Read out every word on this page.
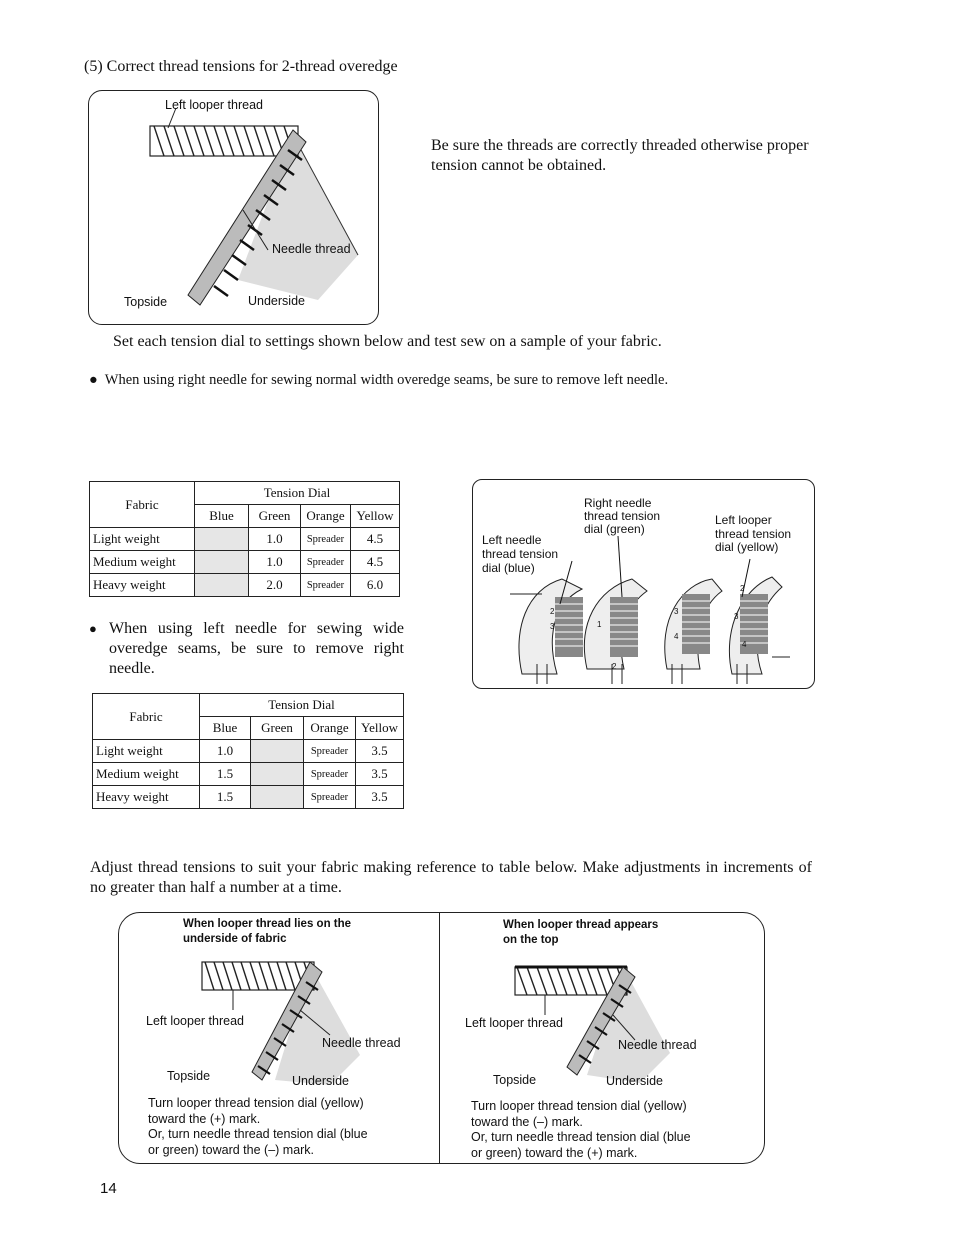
(5) Correct thread tensions for 2-thread overedge
Left looper thread
Needle thread
Topside	Underside
Be sure the threads are correctly threaded otherwise proper tension cannot be obtained.
Set each tension dial to settings shown below and test sew on a sample of your fabric.
● When using right needle for sewing normal width overedge seams, be sure to remove left needle.
Fabric	Tension Dial			
	Blue	Green	Orange	Yellow
Light weight		1.0	Spreader	4.5
Medium weight		1.0	Spreader	4.5
Heavy weight		2.0	Spreader	6.0
● When using left needle for sewing wide overedge seams, be sure to remove right needle.
Fabric	Tension Dial			
	Blue	Green	Orange	Yellow
Light weight	1.0		Spreader	3.5
Medium weight	1.5		Spreader	3.5
Heavy weight	1.5		Spreader	3.5
2
3	1
2
3
4
2
3
4
Right needle
thread tension
dial (green)
Left needle
thread tension
dial (blue)
Left looper
thread tension
dial (yellow)
Adjust thread tensions to suit your fabric making reference to table below. Make adjustments in increments of no greater than half a number at a time.
When looper thread lies on the
underside of fabric
Left looper thread
Needle thread
Topside	Underside
Turn looper thread tension dial (yellow)
toward the (+) mark.
Or, turn needle thread tension dial (blue
or green) toward the (–) mark.
When looper thread appears
on the top
Left looper thread
Needle thread
Topside	Underside
Turn looper thread tension dial (yellow)
toward the (–) mark.
Or, turn needle thread tension dial (blue
or green) toward the (+) mark.
14
